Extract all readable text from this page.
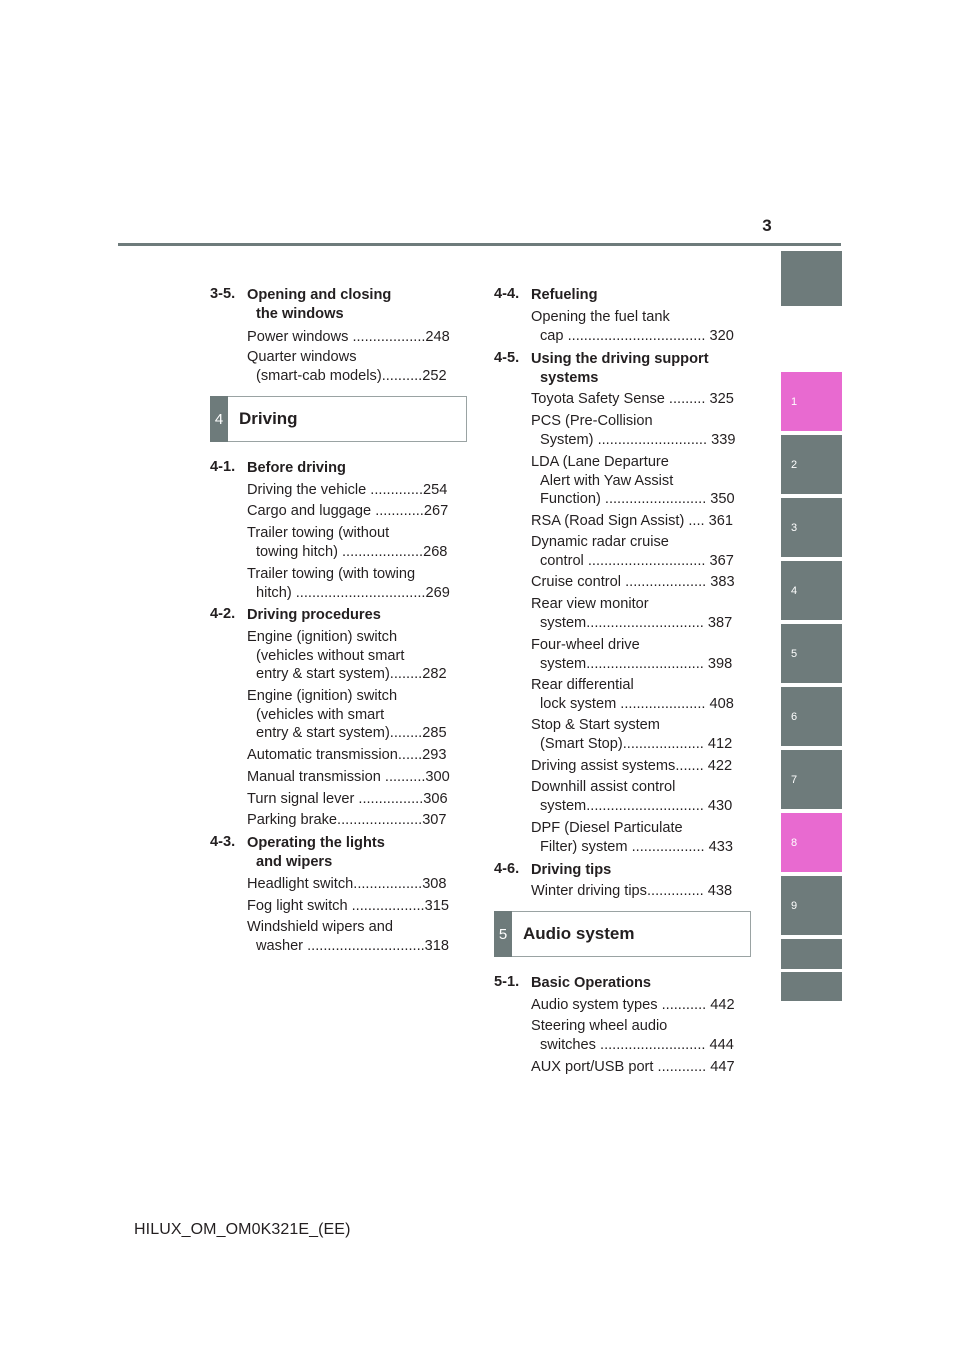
3
1
2
3
4
5
6
7
8
9
3-5. Opening and closing
the windows
Power windows ..................248
Quarter windows
(smart-cab models)..........252
4 Driving
4-1. Before driving
Driving the vehicle .............254
Cargo and luggage ............267
Trailer towing (without
towing hitch) ....................268
Trailer towing (with towing
hitch) ................................269
4-2. Driving procedures
Engine (ignition) switch
(vehicles without smart
entry & start system)........282
Engine (ignition) switch
(vehicles with smart
entry & start system)........285
Automatic transmission......293
Manual transmission ..........300
Turn signal lever ................306
Parking brake.....................307
4-3. Operating the lights
and wipers
Headlight switch.................308
Fog light switch ..................315
Windshield wipers and
washer .............................318
4-4. Refueling
Opening the fuel tank
cap .................................. 320
4-5. Using the driving support
systems
Toyota Safety Sense ......... 325
PCS (Pre-Collision
System) ........................... 339
LDA (Lane Departure
Alert with Yaw Assist
Function) ......................... 350
RSA (Road Sign Assist) .... 361
Dynamic radar cruise
control ............................. 367
Cruise control .................... 383
Rear view monitor
system............................. 387
Four-wheel drive
system............................. 398
Rear differential
lock system ..................... 408
Stop & Start system
(Smart Stop).................... 412
Driving assist systems....... 422
Downhill assist control
system............................. 430
DPF (Diesel Particulate
Filter) system .................. 433
4-6. Driving tips
Winter driving tips.............. 438
5 Audio system
5-1. Basic Operations
Audio system types ........... 442
Steering wheel audio
switches .......................... 444
AUX port/USB port ............ 447
HILUX_OM_OM0K321E_(EE)
